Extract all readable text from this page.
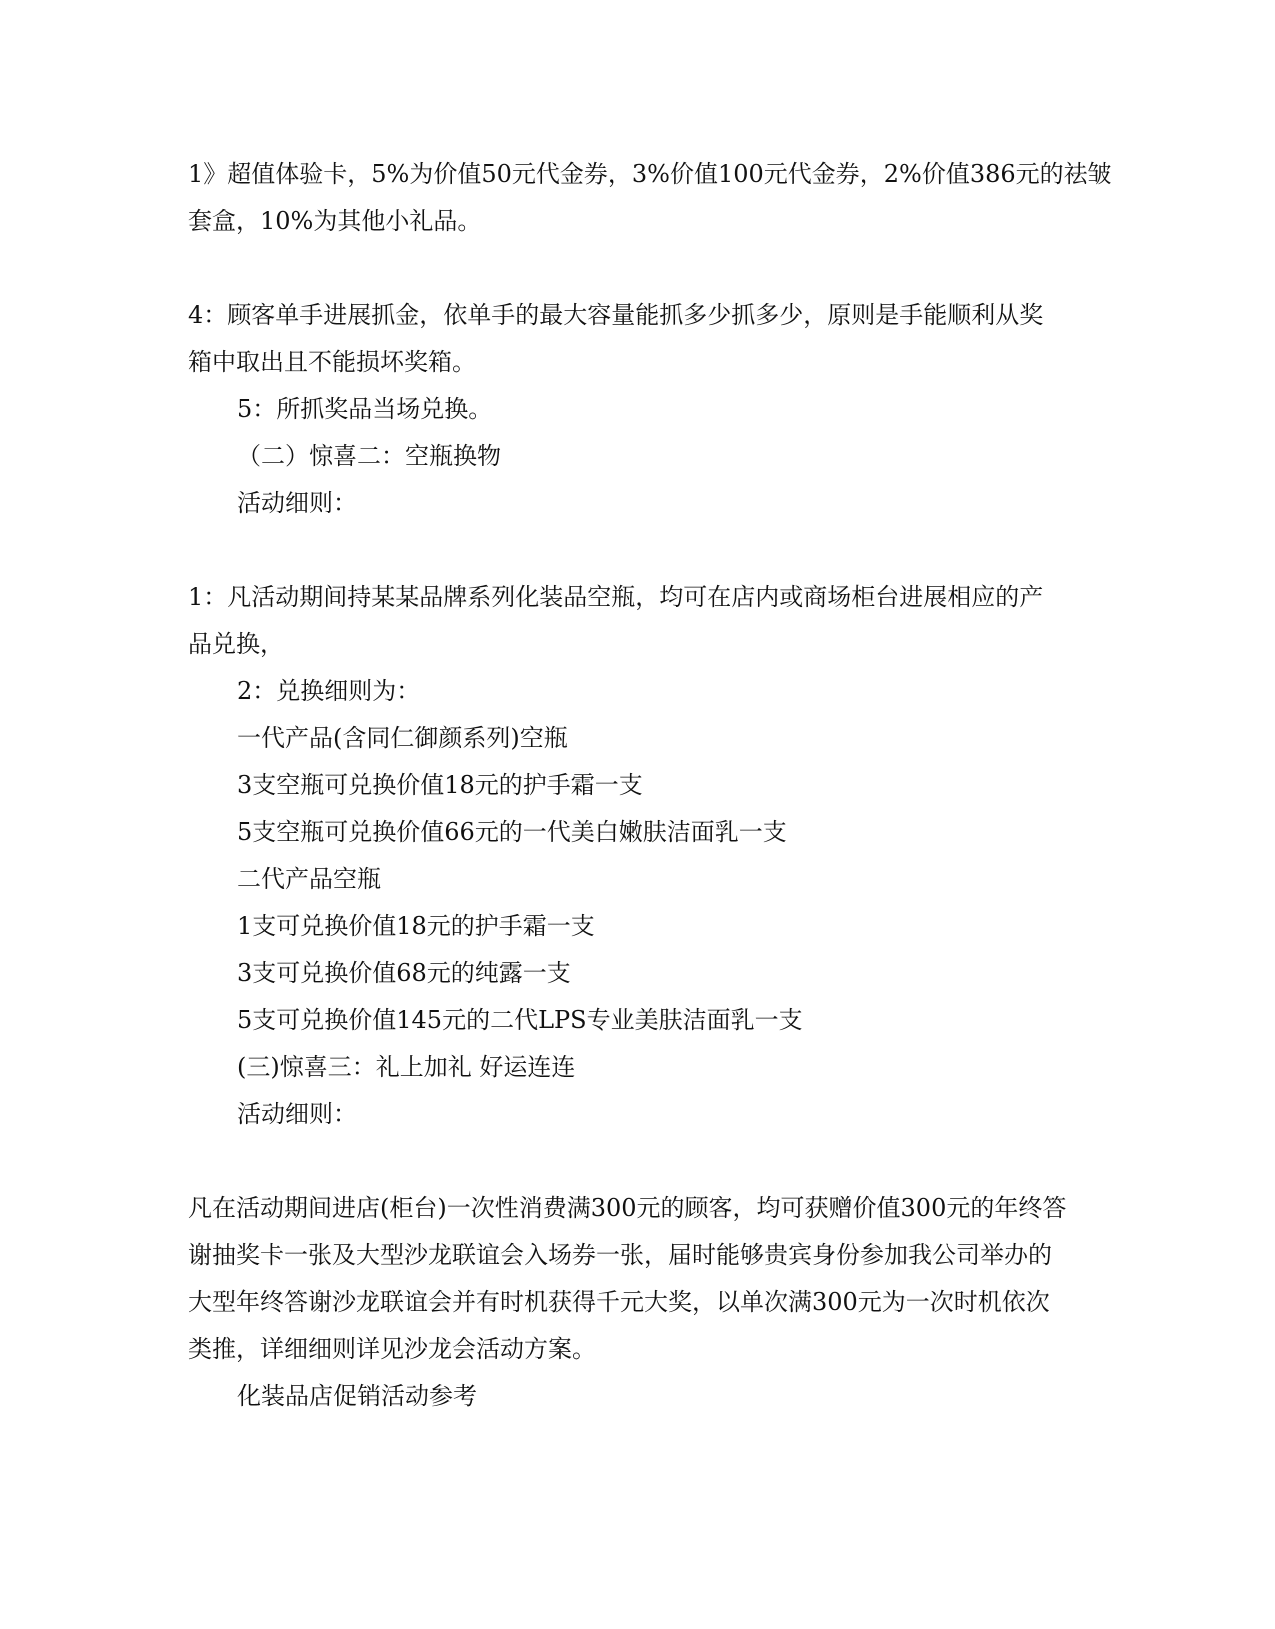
1》超值体验卡，5%为价值50元代金券，3%价值100元代金券，2%价值386元的祛皱
套盒，10%为其他小礼品。
4：顾客单手进展抓金，依单手的最大容量能抓多少抓多少，原则是手能顺利从奖
箱中取出且不能损坏奖箱。
5：所抓奖品当场兑换。
（二）惊喜二：空瓶换物
活动细则：
1：凡活动期间持某某品牌系列化装品空瓶，均可在店内或商场柜台进展相应的产
品兑换，
2：兑换细则为：
一代产品(含同仁御颜系列)空瓶
3支空瓶可兑换价值18元的护手霜一支
5支空瓶可兑换价值66元的一代美白嫩肤洁面乳一支
二代产品空瓶
1支可兑换价值18元的护手霜一支
3支可兑换价值68元的纯露一支
5支可兑换价值145元的二代LPS专业美肤洁面乳一支
(三)惊喜三：礼上加礼 好运连连
活动细则：
凡在活动期间进店(柜台)一次性消费满300元的顾客，均可获赠价值300元的年终答
谢抽奖卡一张及大型沙龙联谊会入场券一张，届时能够贵宾身份参加我公司举办的
大型年终答谢沙龙联谊会并有时机获得千元大奖，以单次满300元为一次时机依次
类推，详细细则详见沙龙会活动方案。
化装品店促销活动参考
